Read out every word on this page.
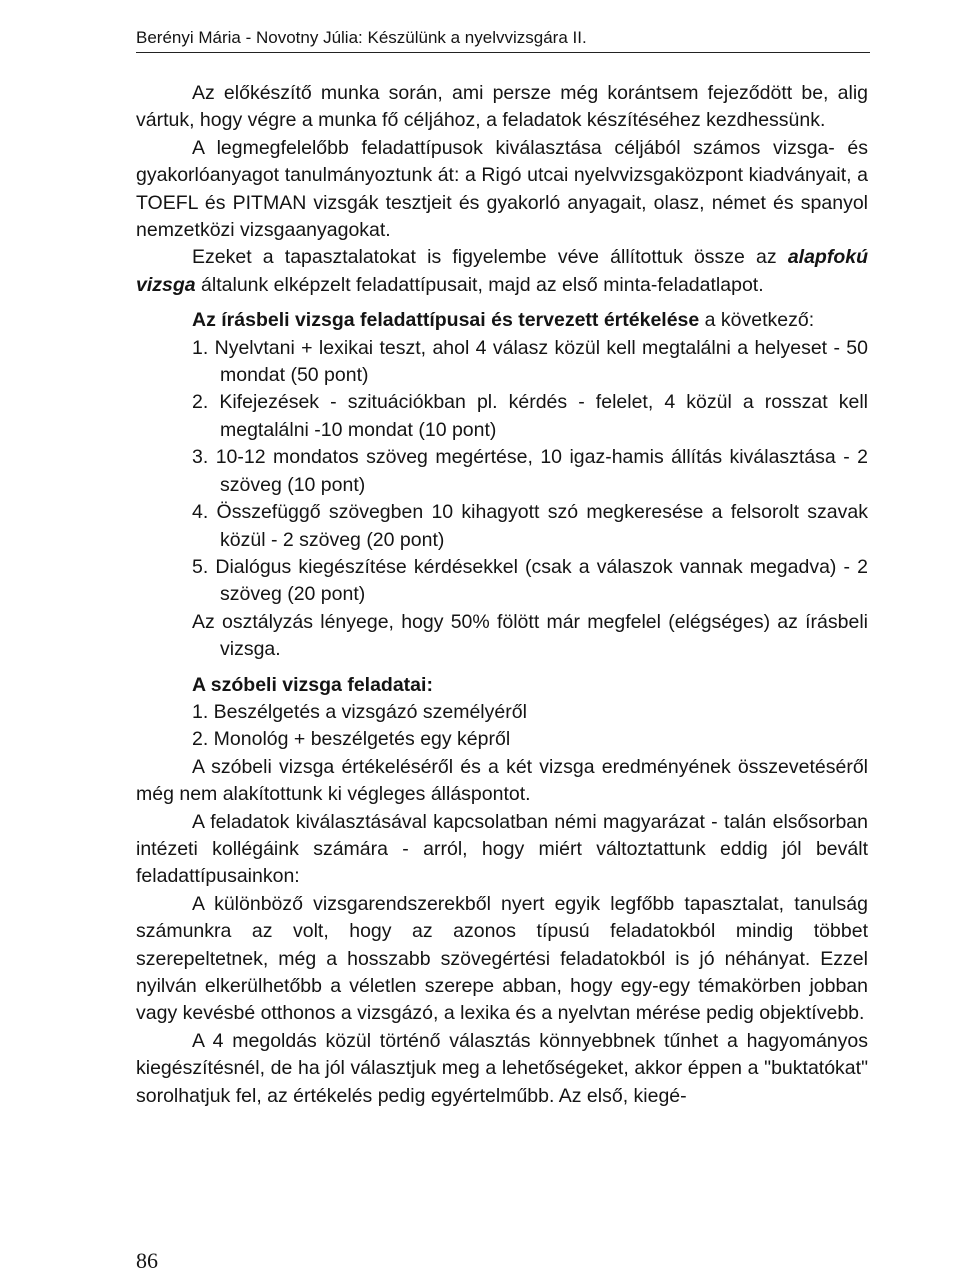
Berényi Mária - Novotny Júlia: Készülünk a nyelvvizsgára II.

Az előkészítő munka során, ami persze még korántsem fejeződött be, alig vártuk, hogy végre a munka fő céljához, a feladatok készítéséhez kezdhessünk.

A legmegfelelőbb feladattípusok kiválasztása céljából számos vizsga- és gyakorlóanyagot tanulmányoztunk át: a Rigó utcai nyelvvizsgaközpont kiadványait, a TOEFL és PITMAN vizsgák tesztjeit és gyakorló anyagait, olasz, német és spanyol nemzetközi vizsgaanyagokat.

Ezeket a tapasztalatokat is figyelembe véve állítottuk össze az alapfokú vizsga általunk elképzelt feladattípusait, majd az első minta-feladatlapot.

Az írásbeli vizsga feladattípusai és tervezett értékelése a következő:

1. Nyelvtani + lexikai teszt, ahol 4 válasz közül kell megtalálni a helyeset - 50 mondat (50 pont)
2. Kifejezések - szituációkban pl. kérdés - felelet, 4 közül a rosszat kell megtalálni -10 mondat (10 pont)
3. 10-12 mondatos szöveg megértése, 10 igaz-hamis állítás kiválasztása - 2 szöveg (10 pont)
4. Összefüggő szövegben 10 kihagyott szó megkeresése a felsorolt szavak közül - 2 szöveg (20 pont)
5. Dialógus kiegészítése kérdésekkel (csak a válaszok vannak megadva) - 2 szöveg (20 pont)

Az osztályzás lényege, hogy 50% fölött már megfelel (elégséges) az írásbeli vizsga.

A szóbeli vizsga feladatai:

1. Beszélgetés a vizsgázó személyéről
2. Monológ + beszélgetés egy képről

A szóbeli vizsga értékeléséről és a két vizsga eredményének összevetéséről még nem alakítottunk ki végleges álláspontot.

A feladatok kiválasztásával kapcsolatban némi magyarázat - talán elsősorban intézeti kollégáink számára - arról, hogy miért változtattunk eddig jól bevált feladattípusainkon:

A különböző vizsgarendszerekből nyert egyik legfőbb tapasztalat, tanulság számunkra az volt, hogy az azonos típusú feladatokból mindig többet szerepeltetnek, még a hosszabb szövegértési feladatokból is jó néhányat. Ezzel nyilván elkerülhetőbb a véletlen szerepe abban, hogy egy-egy témakörben jobban vagy kevésbé otthonos a vizsgázó, a lexika és a nyelvtan mérése pedig objektívebb.

A 4 megoldás közül történő választás könnyebbnek tűnhet a hagyományos kiegészítésnél, de ha jól választjuk meg a lehetőségeket, akkor éppen a "buktatókat" sorolhatjuk fel, az értékelés pedig egyértelműbb. Az első, kiegé-

86
